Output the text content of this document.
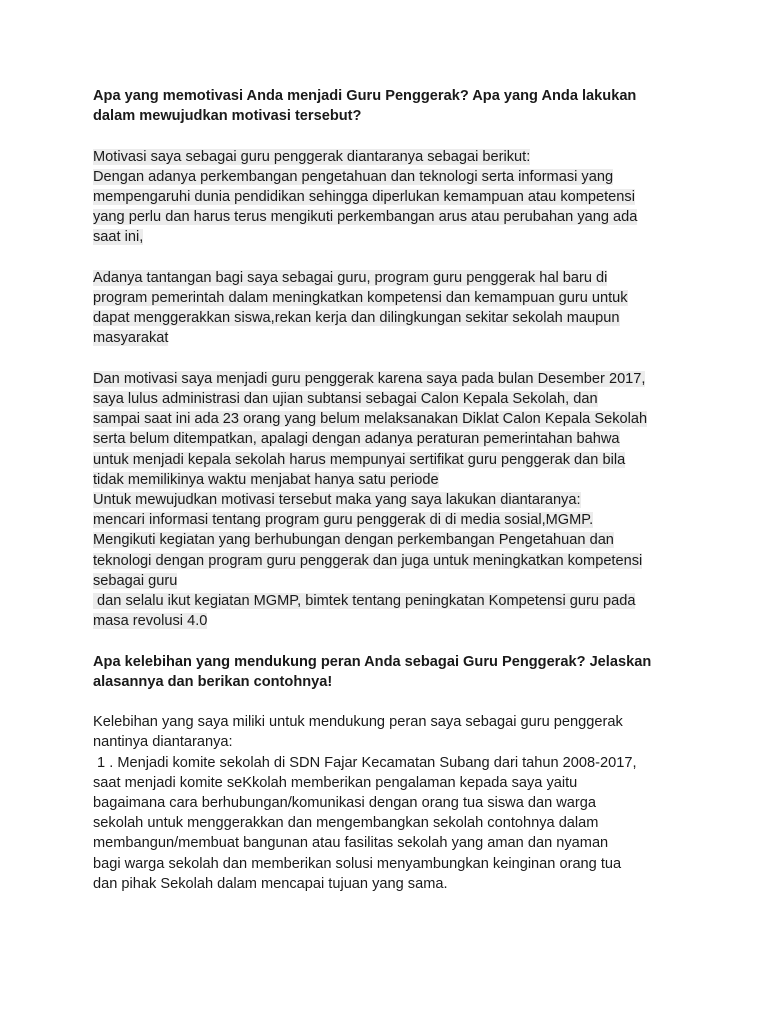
Apa yang memotivasi Anda menjadi Guru Penggerak? Apa yang Anda lakukan
dalam mewujudkan motivasi tersebut?
Motivasi saya sebagai guru penggerak diantaranya sebagai berikut:
Dengan adanya perkembangan pengetahuan dan teknologi serta informasi yang
mempengaruhi dunia pendidikan sehingga diperlukan kemampuan atau kompetensi
yang perlu dan harus terus mengikuti perkembangan arus atau perubahan yang ada
saat ini,
Adanya tantangan bagi saya sebagai guru, program guru penggerak hal baru di
program pemerintah dalam meningkatkan kompetensi dan kemampuan guru untuk
dapat menggerakkan siswa,rekan kerja dan dilingkungan sekitar sekolah maupun
masyarakat
Dan motivasi saya menjadi guru penggerak karena saya pada bulan Desember 2017,
saya lulus administrasi dan ujian subtansi sebagai Calon Kepala Sekolah, dan
sampai saat ini ada 23 orang yang belum melaksanakan Diklat Calon Kepala Sekolah
serta belum ditempatkan, apalagi dengan adanya peraturan pemerintahan bahwa
untuk menjadi kepala sekolah harus mempunyai sertifikat guru penggerak dan bila
tidak memilikinya waktu menjabat hanya satu periode
Untuk mewujudkan motivasi tersebut maka yang saya lakukan diantaranya:
mencari informasi tentang program guru penggerak di di media sosial,MGMP.
Mengikuti kegiatan yang berhubungan dengan perkembangan Pengetahuan dan
teknologi dengan program guru penggerak dan juga untuk meningkatkan kompetensi
sebagai guru
dan selalu ikut kegiatan MGMP, bimtek tentang peningkatan Kompetensi guru pada
masa revolusi 4.0
Apa kelebihan yang mendukung peran Anda sebagai Guru Penggerak? Jelaskan
alasannya dan berikan contohnya!
Kelebihan yang saya miliki untuk mendukung peran saya sebagai guru penggerak
nantinya diantaranya:
1 . Menjadi komite sekolah di SDN Fajar Kecamatan Subang dari tahun 2008-2017,
saat menjadi komite seKkolah memberikan pengalaman kepada saya yaitu
bagaimana cara berhubungan/komunikasi dengan orang tua siswa dan warga
sekolah untuk menggerakkan dan mengembangkan sekolah contohnya dalam
membangun/membuat bangunan atau fasilitas sekolah yang aman dan nyaman
bagi warga sekolah dan memberikan solusi menyambungkan keinginan orang tua
dan pihak Sekolah dalam mencapai tujuan yang sama.
